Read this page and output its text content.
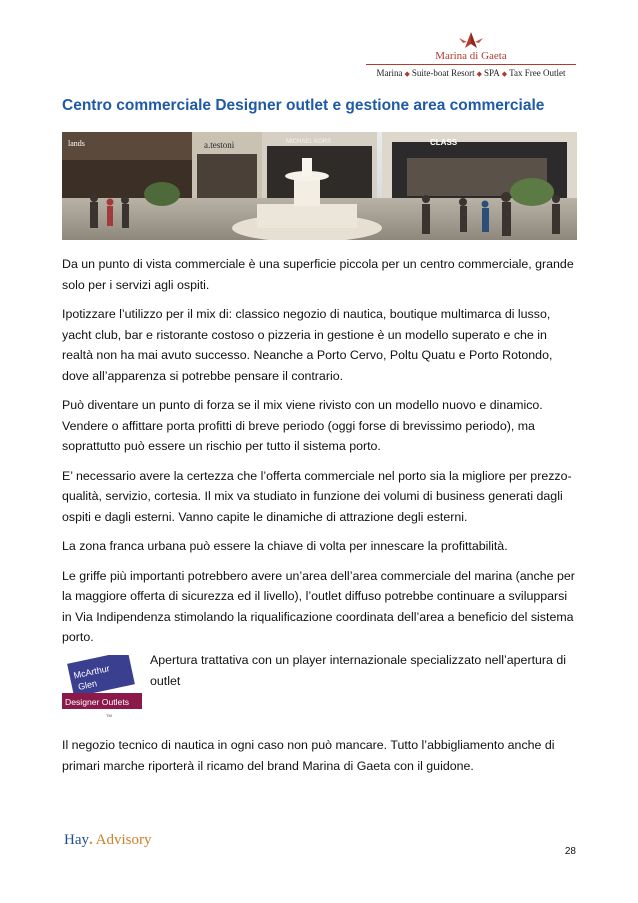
Marina di Gaeta
Marina ◆ Suite-boat Resort ◆ SPA ◆ Tax Free Outlet
Centro commerciale Designer outlet e gestione area commerciale
lands	a.testoni	MICHAEL KORS	CLASS

Da un punto di vista commerciale è una superficie piccola per un centro commerciale, grande solo per i servizi agli ospiti.

Ipotizzare l’utilizzo per il mix di: classico negozio di nautica, boutique multimarca di lusso, yacht club, bar e ristorante costoso o pizzeria in gestione è un modello superato e che in realtà non ha mai avuto successo. Neanche a Porto Cervo, Poltu Quatu e Porto Rotondo, dove all’apparenza si potrebbe pensare il contrario.

Può diventare un punto di forza se il mix viene rivisto con un modello nuovo e dinamico. Vendere o affittare porta profitti di breve periodo (oggi forse di brevissimo periodo), ma soprattutto può essere un rischio per tutto il sistema porto.

E’ necessario avere la certezza che l’offerta commerciale nel porto sia la migliore per prezzo-qualità, servizio, cortesia. Il mix va studiato in funzione dei volumi di business generati dagli ospiti e dagli esterni. Vanno capite le dinamiche di attrazione degli esterni.

La zona franca urbana può essere la chiave di volta per innescare la profittabilità.

Le griffe più importanti potrebbero avere un’area dell’area commerciale del marina (anche per la maggiore offerta di sicurezza ed il livello), l’outlet diffuso potrebbe continuare a svilupparsi in Via Indipendenza stimolando la riqualificazione coordinata dell’area a beneficio del sistema porto.

McArthur
Glen
Designer Outlets
TM
Apertura trattativa con un player internazionale specializzato nell’apertura di outlet
Il negozio tecnico di nautica in ogni caso non può mancare. Tutto l’abbigliamento anche di primari marche riporterà il ricamo del brand Marina di Gaeta con il guidone.
Hay. Advisory
28
